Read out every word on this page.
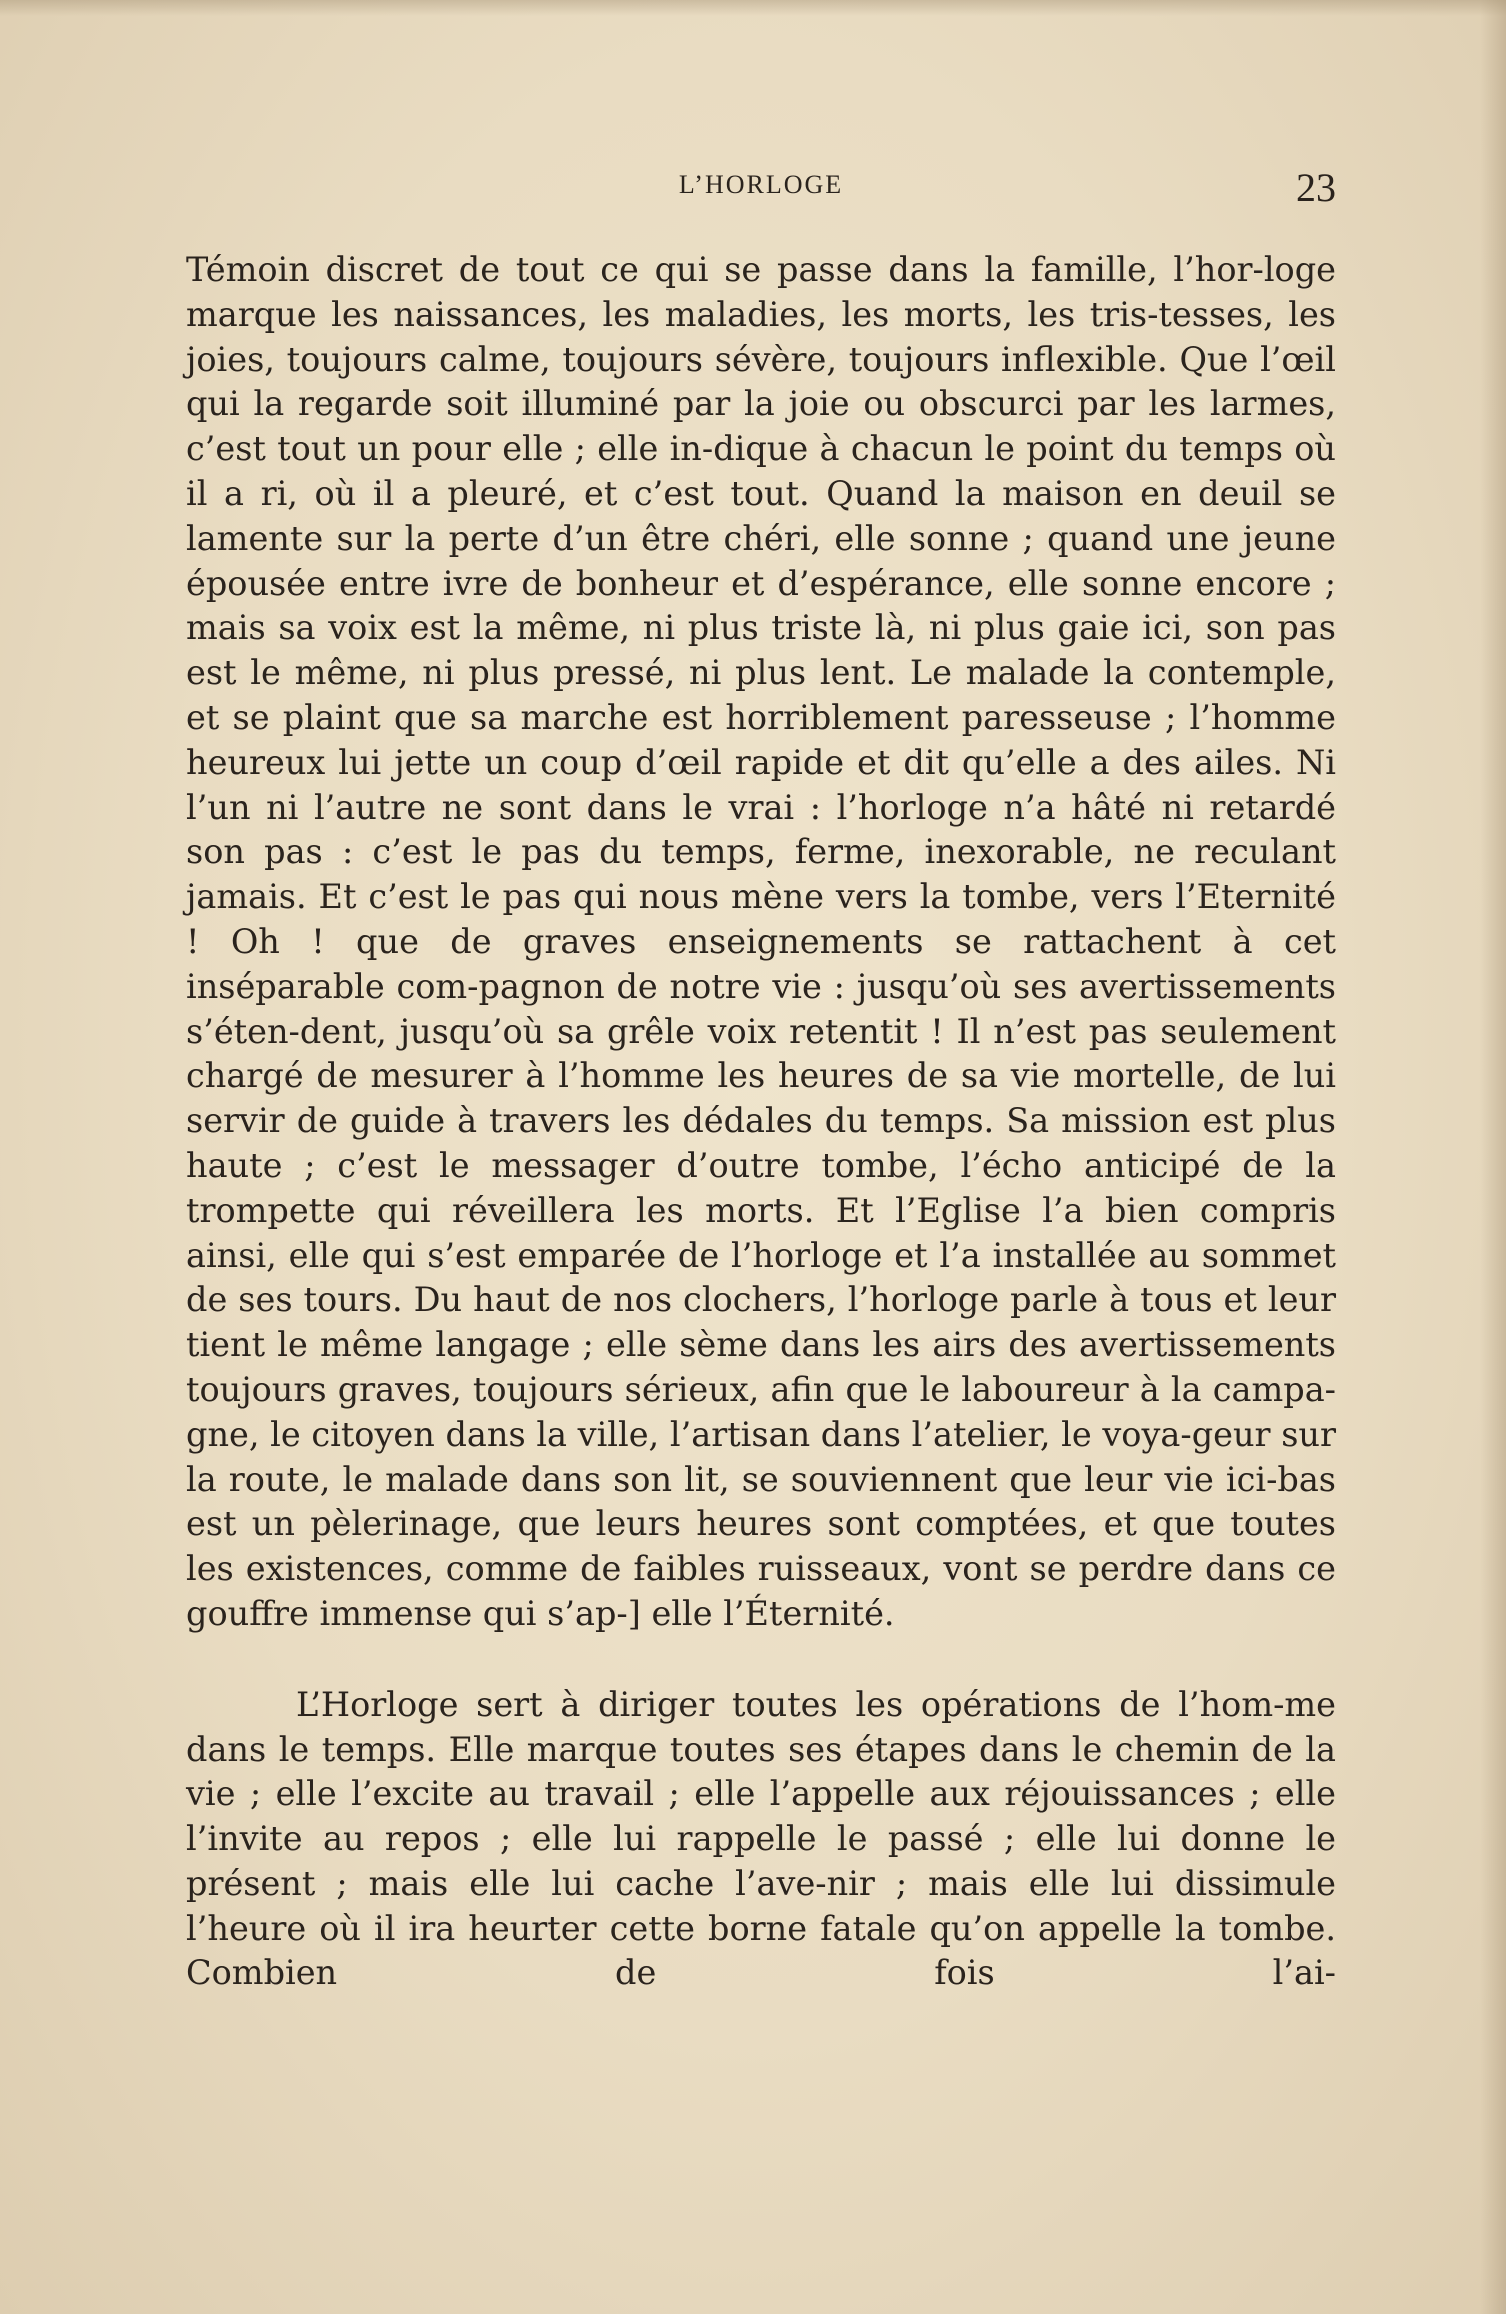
L’HORLOGE	23

Témoin discret de tout ce qui se passe dans la famille, l’hor-loge marque les naissances, les maladies, les morts, les tris-tesses, les joies, toujours calme, toujours sévère, toujours inflexible. Que l’œil qui la regarde soit illuminé par la joie ou obscurci par les larmes, c’est tout un pour elle ; elle in-dique à chacun le point du temps où il a ri, où il a pleuré, et c’est tout. Quand la maison en deuil se lamente sur la perte d’un être chéri, elle sonne ; quand une jeune épousée entre ivre de bonheur et d’espérance, elle sonne encore ; mais sa voix est la même, ni plus triste là, ni plus gaie ici, son pas est le même, ni plus pressé, ni plus lent. Le malade la contemple, et se plaint que sa marche est horriblement paresseuse ; l’homme heureux lui jette un coup d’œil rapide et dit qu’elle a des ailes. Ni l’un ni l’autre ne sont dans le vrai : l’horloge n’a hâté ni retardé son pas : c’est le pas du temps, ferme, inexorable, ne reculant jamais. Et c’est le pas qui nous mène vers la tombe, vers l’Eternité ! Oh ! que de graves enseignements se rattachent à cet inséparable com-pagnon de notre vie : jusqu’où ses avertissements s’éten-dent, jusqu’où sa grêle voix retentit ! Il n’est pas seulement chargé de mesurer à l’homme les heures de sa vie mortelle, de lui servir de guide à travers les dédales du temps. Sa mission est plus haute ; c’est le messager d’outre tombe, l’écho anticipé de la trompette qui réveillera les morts. Et l’Eglise l’a bien compris ainsi, elle qui s’est emparée de l’horloge et l’a installée au sommet de ses tours. Du haut de nos clochers, l’horloge parle à tous et leur tient le même langage ; elle sème dans les airs des avertissements toujours graves, toujours sérieux, afin que le laboureur à la campa-gne, le citoyen dans la ville, l’artisan dans l’atelier, le voya-geur sur la route, le malade dans son lit, se souviennent que leur vie ici-bas est un pèlerinage, que leurs heures sont comptées, et que toutes les existences, comme de faibles ruisseaux, vont se perdre dans ce gouffre immense qui s’ap-] elle l’Éternité.

L’Horloge sert à diriger toutes les opérations de l’hom-me dans le temps. Elle marque toutes ses étapes dans le chemin de la vie ; elle l’excite au travail ; elle l’appelle aux réjouissances ; elle l’invite au repos ; elle lui rappelle le passé ; elle lui donne le présent ; mais elle lui cache l’ave-nir ; mais elle lui dissimule l’heure où il ira heurter cette borne fatale qu’on appelle la tombe. Combien de fois l’ai-
